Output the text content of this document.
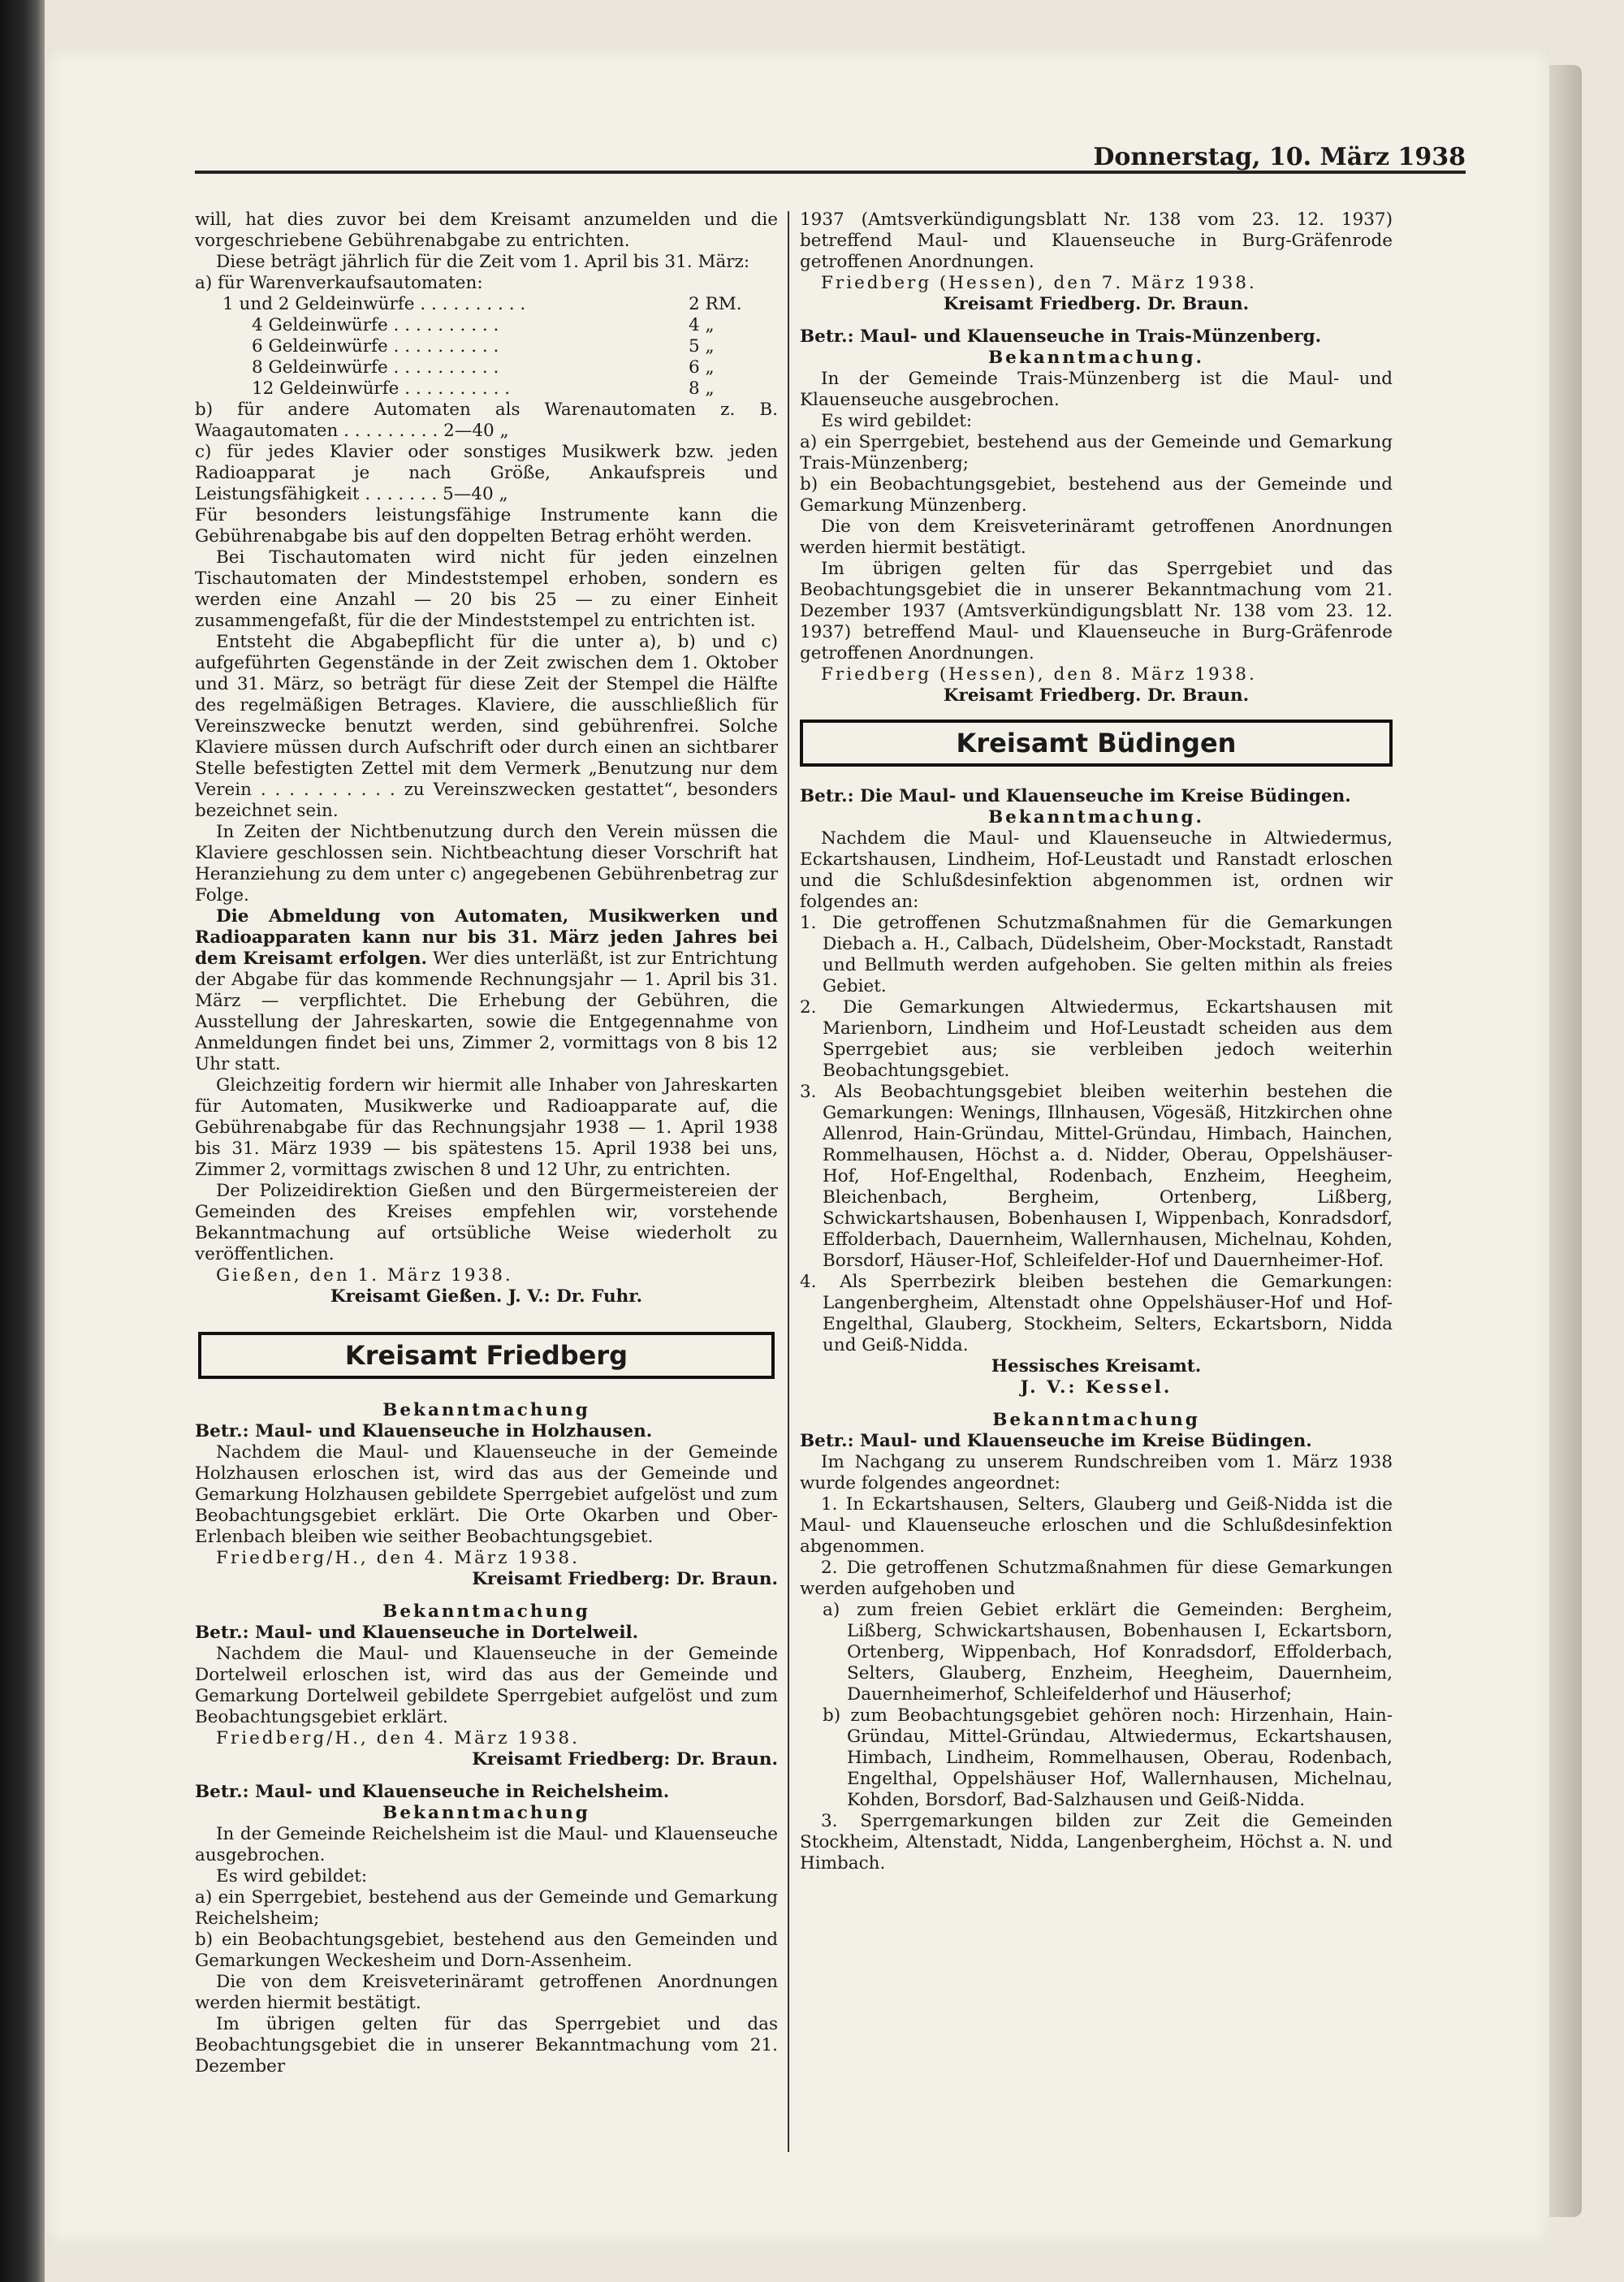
Donnerstag, 10. März 1938

will, hat dies zuvor bei dem Kreisamt anzumelden und die vorgeschriebene Gebührenabgabe zu entrichten.

Diese beträgt jährlich für die Zeit vom 1. April bis 31. März:

a) für Warenverkaufsautomaten:

1 und 2 Geldeinwürfe . . . . . . . . . .	2 RM.
4 Geldeinwürfe . . . . . . . . . .	4 „
6 Geldeinwürfe . . . . . . . . . .	5 „
8 Geldeinwürfe . . . . . . . . . .	6 „
12 Geldeinwürfe . . . . . . . . . .	8 „

b) für andere Automaten als Warenautomaten z. B. Waagautomaten . . . . . . . . . 2—40 „

c) für jedes Klavier oder sonstiges Musikwerk bzw. jeden Radioapparat je nach Größe, Ankaufspreis und Leistungsfähigkeit . . . . . . . 5—40 „

Für besonders leistungsfähige Instrumente kann die Gebührenabgabe bis auf den doppelten Betrag erhöht werden.

Bei Tischautomaten wird nicht für jeden einzelnen Tischautomaten der Mindeststempel erhoben, sondern es werden eine Anzahl — 20 bis 25 — zu einer Einheit zusammengefaßt, für die der Mindeststempel zu entrichten ist.

Entsteht die Abgabepflicht für die unter a), b) und c) aufgeführten Gegenstände in der Zeit zwischen dem 1. Oktober und 31. März, so beträgt für diese Zeit der Stempel die Hälfte des regelmäßigen Betrages. Klaviere, die ausschließlich für Vereinszwecke benutzt werden, sind gebührenfrei. Solche Klaviere müssen durch Aufschrift oder durch einen an sichtbarer Stelle befestigten Zettel mit dem Vermerk „Benutzung nur dem Verein . . . . . . . . . . zu Vereinszwecken gestattet“, besonders bezeichnet sein.

In Zeiten der Nichtbenutzung durch den Verein müssen die Klaviere geschlossen sein. Nichtbeachtung dieser Vorschrift hat Heranziehung zu dem unter c) angegebenen Gebührenbetrag zur Folge.

Die Abmeldung von Automaten, Musikwerken und Radioapparaten kann nur bis 31. März jeden Jahres bei dem Kreisamt erfolgen. Wer dies unterläßt, ist zur Entrichtung der Abgabe für das kommende Rechnungsjahr — 1. April bis 31. März — verpflichtet. Die Erhebung der Gebühren, die Ausstellung der Jahreskarten, sowie die Entgegennahme von Anmeldungen findet bei uns, Zimmer 2, vormittags von 8 bis 12 Uhr statt.

Gleichzeitig fordern wir hiermit alle Inhaber von Jahreskarten für Automaten, Musikwerke und Radioapparate auf, die Gebührenabgabe für das Rechnungsjahr 1938 — 1. April 1938 bis 31. März 1939 — bis spätestens 15. April 1938 bei uns, Zimmer 2, vormittags zwischen 8 und 12 Uhr, zu entrichten.

Der Polizeidirektion Gießen und den Bürgermeistereien der Gemeinden des Kreises empfehlen wir, vorstehende Bekanntmachung auf ortsübliche Weise wiederholt zu veröffentlichen.

Gießen, den 1. März 1938.

Kreisamt Gießen. J. V.: Dr. Fuhr.

Kreisamt Friedberg

Bekanntmachung

Betr.: Maul- und Klauenseuche in Holzhausen.

Nachdem die Maul- und Klauenseuche in der Gemeinde Holzhausen erloschen ist, wird das aus der Gemeinde und Gemarkung Holzhausen gebildete Sperrgebiet aufgelöst und zum Beobachtungsgebiet erklärt. Die Orte Okarben und Ober-Erlenbach bleiben wie seither Beobachtungsgebiet.

Friedberg/H., den 4. März 1938.

Kreisamt Friedberg: Dr. Braun.

Bekanntmachung

Betr.: Maul- und Klauenseuche in Dortelweil.

Nachdem die Maul- und Klauenseuche in der Gemeinde Dortelweil erloschen ist, wird das aus der Gemeinde und Gemarkung Dortelweil gebildete Sperrgebiet aufgelöst und zum Beobachtungsgebiet erklärt.

Friedberg/H., den 4. März 1938.

Kreisamt Friedberg: Dr. Braun.

Betr.: Maul- und Klauenseuche in Reichelsheim.

Bekanntmachung

In der Gemeinde Reichelsheim ist die Maul- und Klauenseuche ausgebrochen.

Es wird gebildet:

a) ein Sperrgebiet, bestehend aus der Gemeinde und Gemarkung Reichelsheim;

b) ein Beobachtungsgebiet, bestehend aus den Gemeinden und Gemarkungen Weckesheim und Dorn-Assenheim.

Die von dem Kreisveterinäramt getroffenen Anordnungen werden hiermit bestätigt.

Im übrigen gelten für das Sperrgebiet und das Beobachtungsgebiet die in unserer Bekanntmachung vom 21. Dezember

1937 (Amtsverkündigungsblatt Nr. 138 vom 23. 12. 1937) betreffend Maul- und Klauenseuche in Burg-Gräfenrode getroffenen Anordnungen.

Friedberg (Hessen), den 7. März 1938.

Kreisamt Friedberg. Dr. Braun.

Betr.: Maul- und Klauenseuche in Trais-Münzenberg.

Bekanntmachung.

In der Gemeinde Trais-Münzenberg ist die Maul- und Klauenseuche ausgebrochen.

Es wird gebildet:

a) ein Sperrgebiet, bestehend aus der Gemeinde und Gemarkung Trais-Münzenberg;

b) ein Beobachtungsgebiet, bestehend aus der Gemeinde und Gemarkung Münzenberg.

Die von dem Kreisveterinäramt getroffenen Anordnungen werden hiermit bestätigt.

Im übrigen gelten für das Sperrgebiet und das Beobachtungsgebiet die in unserer Bekanntmachung vom 21. Dezember 1937 (Amtsverkündigungsblatt Nr. 138 vom 23. 12. 1937) betreffend Maul- und Klauenseuche in Burg-Gräfenrode getroffenen Anordnungen.

Friedberg (Hessen), den 8. März 1938.

Kreisamt Friedberg. Dr. Braun.

Kreisamt Büdingen

Betr.: Die Maul- und Klauenseuche im Kreise Büdingen.

Bekanntmachung.

Nachdem die Maul- und Klauenseuche in Altwiedermus, Eckartshausen, Lindheim, Hof-Leustadt und Ranstadt erloschen und die Schlußdesinfektion abgenommen ist, ordnen wir folgendes an:

1. Die getroffenen Schutzmaßnahmen für die Gemarkungen Diebach a. H., Calbach, Düdelsheim, Ober-Mockstadt, Ranstadt und Bellmuth werden aufgehoben. Sie gelten mithin als freies Gebiet.

2. Die Gemarkungen Altwiedermus, Eckartshausen mit Marienborn, Lindheim und Hof-Leustadt scheiden aus dem Sperrgebiet aus; sie verbleiben jedoch weiterhin Beobachtungsgebiet.

3. Als Beobachtungsgebiet bleiben weiterhin bestehen die Gemarkungen: Wenings, Illnhausen, Vögesäß, Hitzkirchen ohne Allenrod, Hain-Gründau, Mittel-Gründau, Himbach, Hainchen, Rommelhausen, Höchst a. d. Nidder, Oberau, Oppelshäuser-Hof, Hof-Engelthal, Rodenbach, Enzheim, Heegheim, Bleichenbach, Bergheim, Ortenberg, Lißberg, Schwickartshausen, Bobenhausen I, Wippenbach, Konradsdorf, Effolderbach, Dauernheim, Wallernhausen, Michelnau, Kohden, Borsdorf, Häuser-Hof, Schleifelder-Hof und Dauernheimer-Hof.

4. Als Sperrbezirk bleiben bestehen die Gemarkungen: Langenbergheim, Altenstadt ohne Oppelshäuser-Hof und Hof-Engelthal, Glauberg, Stockheim, Selters, Eckartsborn, Nidda und Geiß-Nidda.

Hessisches Kreisamt.

J. V.: Kessel.

Bekanntmachung

Betr.: Maul- und Klauenseuche im Kreise Büdingen.

Im Nachgang zu unserem Rundschreiben vom 1. März 1938 wurde folgendes angeordnet:

1. In Eckartshausen, Selters, Glauberg und Geiß-Nidda ist die Maul- und Klauenseuche erloschen und die Schlußdesinfektion abgenommen.

2. Die getroffenen Schutzmaßnahmen für diese Gemarkungen werden aufgehoben und

a) zum freien Gebiet erklärt die Gemeinden: Bergheim, Lißberg, Schwickartshausen, Bobenhausen I, Eckartsborn, Ortenberg, Wippenbach, Hof Konradsdorf, Effolderbach, Selters, Glauberg, Enzheim, Heegheim, Dauernheim, Dauernheimerhof, Schleifelderhof und Häuserhof;

b) zum Beobachtungsgebiet gehören noch: Hirzenhain, Hain-Gründau, Mittel-Gründau, Altwiedermus, Eckartshausen, Himbach, Lindheim, Rommelhausen, Oberau, Rodenbach, Engelthal, Oppelshäuser Hof, Wallernhausen, Michelnau, Kohden, Borsdorf, Bad-Salzhausen und Geiß-Nidda.

3. Sperrgemarkungen bilden zur Zeit die Gemeinden Stockheim, Altenstadt, Nidda, Langenbergheim, Höchst a. N. und Himbach.
